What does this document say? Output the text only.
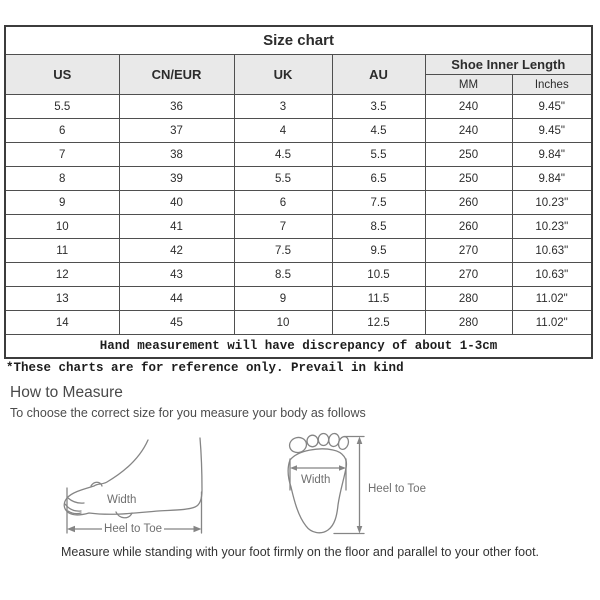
Size chart					
US	CN/EUR	UK	AU	Shoe Inner Length	
				MM	Inches
5.5	36	3	3.5	240	9.45"
6	37	4	4.5	240	9.45"
7	38	4.5	5.5	250	9.84"
8	39	5.5	6.5	250	9.84"
9	40	6	7.5	260	10.23"
10	41	7	8.5	260	10.23"
11	42	7.5	9.5	270	10.63"
12	43	8.5	10.5	270	10.63"
13	44	9	11.5	280	11.02"
14	45	10	12.5	280	11.02"
Hand measurement will have discrepancy of about 1-3cm					
*These charts are for reference only. Prevail in kind
How to Measure
To choose the correct size for you measure your body as follows
Heel to Toe
Width
Width
Heel to Toe
Measure while standing with your foot firmly on the floor and parallel to your other foot.
